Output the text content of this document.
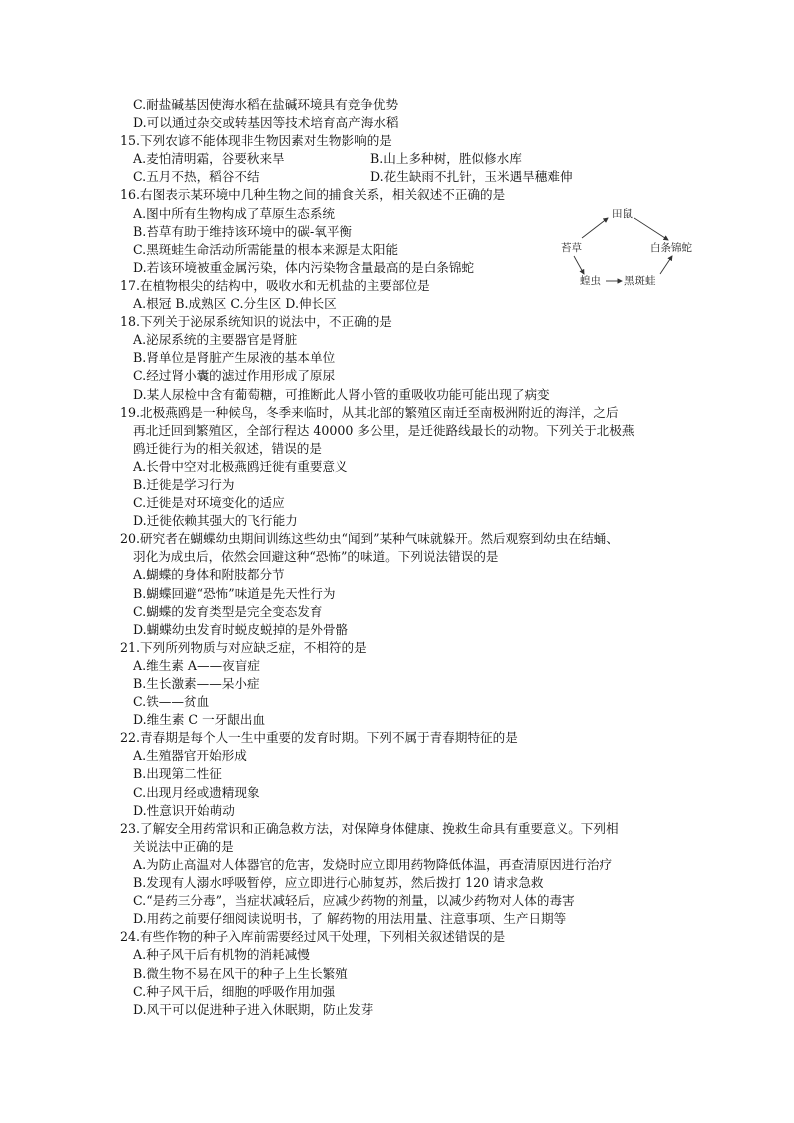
C.耐盐碱基因使海水稻在盐碱环境具有竞争优势
D.可以通过杂交或转基因等技术培育高产海水稻
15.下列农谚不能体现非生物因素对生物影响的是
A.麦怕清明霜，谷要秋来旱	B.山上多种树，胜似修水库
C.五月不热，稻谷不结	D.花生缺雨不扎针，玉米遇旱穗难伸
16.右图表示某环境中几种生物之间的捕食关系，相关叙述不正确的是
A.图中所有生物构成了草原生态系统
B.苔草有助于维持该环境中的碳-氧平衡
C.黑斑蛙生命活动所需能量的根本来源是太阳能
D.若该环境被重金属污染，体内污染物含量最高的是白条锦蛇
17.在植物根尖的结构中，吸收水和无机盐的主要部位是
A.根冠 B.成熟区 C.分生区 D.伸长区
18.下列关于泌尿系统知识的说法中，不正确的是
A.泌尿系统的主要器官是肾脏
B.肾单位是肾脏产生尿液的基本单位
C.经过肾小囊的滤过作用形成了原尿
D.某人尿检中含有葡萄糖，可推断此人肾小管的重吸收功能可能出现了病变
19.北极燕鸥是一种候鸟，冬季来临时，从其北部的繁殖区南迁至南极洲附近的海洋，之后
再北迁回到繁殖区，全部行程达 40000 多公里，是迁徙路线最长的动物。下列关于北极燕
鸥迁徙行为的相关叙述，错误的是
A.长骨中空对北极燕鸥迁徙有重要意义
B.迁徙是学习行为
C.迁徙是对环境变化的适应
D.迁徙依赖其强大的飞行能力
20.研究者在蝴蝶幼虫期间训练这些幼虫“闻到”某种气味就躲开。然后观察到幼虫在结蛹、
羽化为成虫后，依然会回避这种“恐怖”的味道。下列说法错误的是
A.蝴蝶的身体和附肢都分节
B.蝴蝶回避“恐怖”味道是先天性行为
C.蝴蝶的发育类型是完全变态发育
D.蝴蝶幼虫发育时蜕皮蜕掉的是外骨骼
21.下列所列物质与对应缺乏症，不相符的是
A.维生素 A——夜盲症
B.生长激素——呆小症
C.铁——贫血
D.维生素 C 一牙龈出血
22.青春期是每个人一生中重要的发育时期。下列不属于青春期特征的是
A.生殖器官开始形成
B.出现第二性征
C.出现月经或遗精现象
D.性意识开始萌动
23.了解安全用药常识和正确急救方法，对保障身体健康、挽救生命具有重要意义。下列相
关说法中正确的是
A.为防止高温对人体器官的危害，发烧时应立即用药物降低体温，再查清原因进行治疗
B.发现有人溺水呼吸暂停，应立即进行心肺复苏，然后拨打 120 请求急救
C.“是药三分毒”，当症状减轻后，应减少药物的剂量，以减少药物对人体的毒害
D.用药之前要仔细阅读说明书，了 解药物的用法用量、注意事项、生产日期等
24.有些作物的种子入库前需要经过风干处理，下列相关叙述错误的是
A.种子风干后有机物的消耗减慢
B.微生物不易在风干的种子上生长繁殖
C.种子风干后，细胞的呼吸作用加强
D.风干可以促进种子进入休眠期，防止发芽
田鼠
苔草	白条锦蛇
蝗虫 黑斑蛙
